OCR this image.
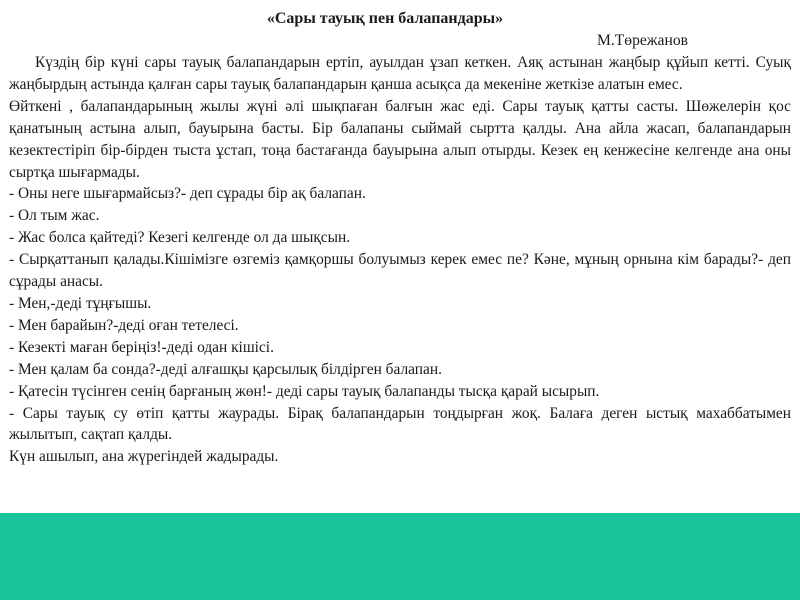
«Сары тауық пен балапандары»

М.Төрежанов

Күздің бір күні сары тауық балапандарын ертіп, ауылдан ұзап кеткен. Аяқ астынан жаңбыр құйып кетті. Суық жаңбырдың астында қалған сары тауық балапандарын қанша асықса да мекеніне жеткізе алатын емес.

Өйткені , балапандарының жылы жүні әлі шықпаған балғын жас еді. Сары тауық қатты састы. Шөжелерін қос қанатының астына алып, бауырына басты. Бір балапаны сыймай сыртта қалды. Ана айла жасап, балапандарын кезектестіріп бір-бірден тыста ұстап, тоңа бастағанда бауырына алып отырды. Кезек ең кенжесіне келгенде ана оны сыртқа шығармады.

- Оны неге шығармайсыз?- деп сұрады бір ақ балапан.

- Ол тым жас.

- Жас болса қайтеді? Кезегі келгенде ол да шықсын.

- Сырқаттанып қалады.Кішімізге өзгеміз қамқоршы болуымыз керек емес пе? Кәне, мұның орнына кім барады?- деп сұрады анасы.

- Мен,-деді тұңғышы.

- Мен барайын?-деді оған тетелесі.

- Кезекті маған беріңіз!-деді одан кішісі.

- Мен қалам ба сонда?-деді алғашқы қарсылық білдірген балапан.

- Қатесін түсінген сенің барғаның жөн!- деді сары тауық балапанды тысқа қарай ысырып.

- Сары тауық су өтіп қатты жаурады. Бірақ балапандарын тоңдырған жоқ. Балаға деген ыстық махаббатымен жылытып, сақтап қалды.

Күн ашылып, ана жүрегіндей жадырады.
